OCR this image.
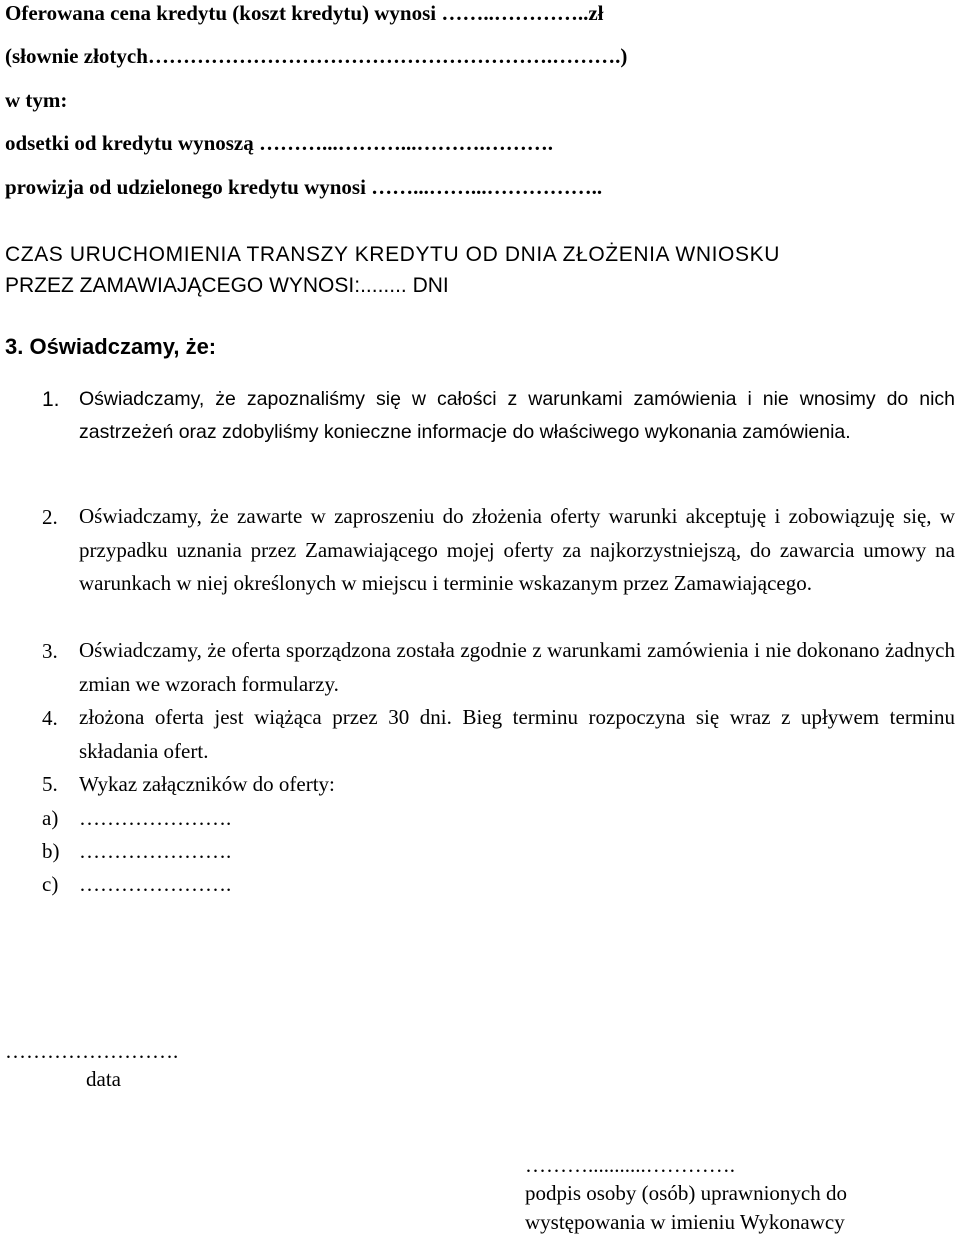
Oferowana cena kredytu (koszt kredytu) wynosi ……..…………..zł
(słownie złotych………………………………………………….……….)
w tym:
odsetki od kredytu wynoszą ………...………...……….……….
prowizja od udzielonego kredytu wynosi ……...……...……………..
CZAS URUCHOMIENIA TRANSZY KREDYTU OD DNIA ZŁOŻENIA WNIOSKU
PRZEZ ZAMAWIAJĄCEGO WYNOSI:........ DNI
3. Oświadczamy, że:
1. Oświadczamy, że zapoznaliśmy się w całości z warunkami zamówienia i nie wnosimy do nich zastrzeżeń oraz zdobyliśmy konieczne informacje do właściwego wykonania zamówienia.
2. Oświadczamy, że zawarte w zaproszeniu do złożenia oferty warunki akceptuję i zobowiązuję się, w przypadku uznania przez Zamawiającego mojej oferty za najkorzystniejszą, do zawarcia umowy na warunkach w niej określonych w miejscu i terminie wskazanym przez Zamawiającego.
3. Oświadczamy, że oferta sporządzona została zgodnie z warunkami zamówienia i nie dokonano żadnych zmian we wzorach formularzy.
4. złożona oferta jest wiążąca przez 30 dni. Bieg terminu rozpoczyna się wraz z upływem terminu składania ofert.
5. Wykaz załączników do oferty:
a) ………………….
b) ………………….
c) ………………….
…………………….
data
………...........………….
podpis osoby (osób) uprawnionych do
występowania w imieniu Wykonawcy
